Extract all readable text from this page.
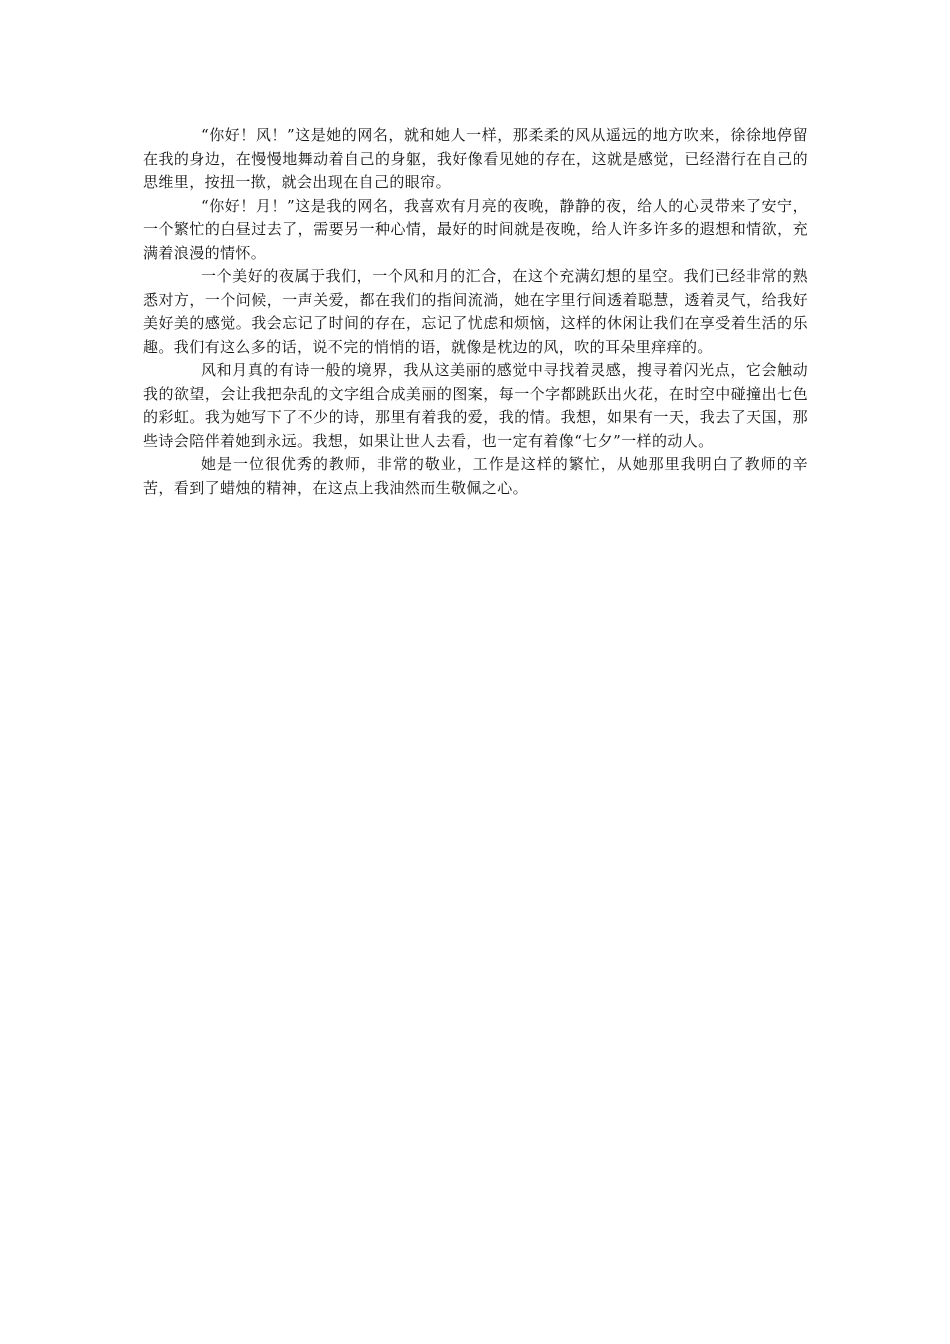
“你好！风！”这是她的网名，就和她人一样，那柔柔的风从遥远的地方吹来，徐徐地停留在我的身边，在慢慢地舞动着自己的身躯，我好像看见她的存在，这就是感觉，已经潜行在自己的思维里，按扭一揿，就会出现在自己的眼帘。

“你好！月！”这是我的网名，我喜欢有月亮的夜晚，静静的夜，给人的心灵带来了安宁，一个繁忙的白昼过去了，需要另一种心情，最好的时间就是夜晚，给人许多许多的遐想和情欲，充满着浪漫的情怀。

一个美好的夜属于我们，一个风和月的汇合，在这个充满幻想的星空。我们已经非常的熟悉对方，一个问候，一声关爱，都在我们的指间流淌，她在字里行间透着聪慧，透着灵气，给我好美好美的感觉。我会忘记了时间的存在，忘记了忧虑和烦恼，这样的休闲让我们在享受着生活的乐趣。我们有这么多的话，说不完的悄悄的语，就像是枕边的风，吹的耳朵里痒痒的。

风和月真的有诗一般的境界，我从这美丽的感觉中寻找着灵感，搜寻着闪光点，它会触动我的欲望，会让我把杂乱的文字组合成美丽的图案，每一个字都跳跃出火花，在时空中碰撞出七色的彩虹。我为她写下了不少的诗，那里有着我的爱，我的情。我想，如果有一天，我去了天国，那些诗会陪伴着她到永远。我想，如果让世人去看，也一定有着像“七夕”一样的动人。

她是一位很优秀的教师，非常的敬业，工作是这样的繁忙，从她那里我明白了教师的辛苦，看到了蜡烛的精神，在这点上我油然而生敬佩之心。
